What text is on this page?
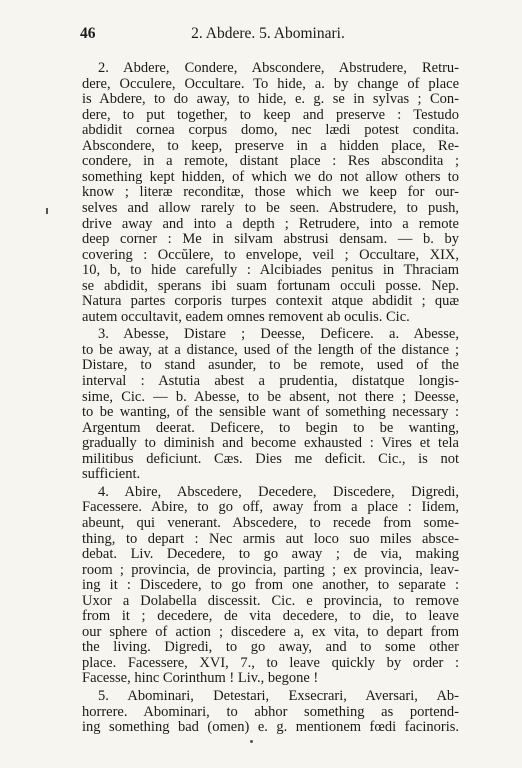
46	2. Abdere. 5. Abominari.
2. Abdere, Condere, Abscondere, Abstrudere, Retru-
dere, Occulere, Occultare. To hide, a. by change of place
is Abdere, to do away, to hide, e. g. se in sylvas ; Con-
dere, to put together, to keep and preserve : Testudo
abdidit cornea corpus domo, nec lædi potest condita.
Abscondere, to keep, preserve in a hidden place, Re-
condere, in a remote, distant place : Res abscondita ;
something kept hidden, of which we do not allow others to
know ; literæ reconditæ, those which we keep for our-
selves and allow rarely to be seen. Abstrudere, to push,
drive away and into a depth ; Retrudere, into a remote
deep corner : Me in silvam abstrusi densam. — b. by
covering : Occŭlere, to envelope, veil ; Occultare, XIX,
10, b, to hide carefully : Alcibiades penitus in Thraciam
se abdidit, sperans ibi suam fortunam occuli posse. Nep.
Natura partes corporis turpes contexit atque abdidit ; quæ
autem occultavit, eadem omnes removent ab oculis. Cic.
3. Abesse, Distare ; Deesse, Deficere. a. Abesse,
to be away, at a distance, used of the length of the distance ;
Distare, to stand asunder, to be remote, used of the
interval : Astutia abest a prudentia, distatque longis-
sime, Cic. — b. Abesse, to be absent, not there ; Deesse,
to be wanting, of the sensible want of something necessary :
Argentum deerat. Deficere, to begin to be wanting,
gradually to diminish and become exhausted : Vires et tela
militibus deficiunt. Cæs. Dies me deficit. Cic., is not
sufficient.
4. Abire, Abscedere, Decedere, Discedere, Digredi,
Facessere. Abire, to go off, away from a place : Iidem,
abeunt, qui venerant. Abscedere, to recede from some-
thing, to depart : Nec armis aut loco suo miles absce-
debat. Liv. Decedere, to go away ; de via, making
room ; provincia, de provincia, parting ; ex provincia, leav-
ing it : Discedere, to go from one another, to separate :
Uxor a Dolabella discessit. Cic. e provincia, to remove
from it ; decedere, de vita decedere, to die, to leave
our sphere of action ; discedere a, ex vita, to depart from
the living. Digredi, to go away, and to some other
place. Facessere, XVI, 7., to leave quickly by order :
Facesse, hinc Corinthum ! Liv., begone !
5. Abominari, Detestari, Exsecrari, Aversari, Ab-
horrere. Abominari, to abhor something as portend-
ing something bad (omen) e. g. mentionem fœdi facinoris.
